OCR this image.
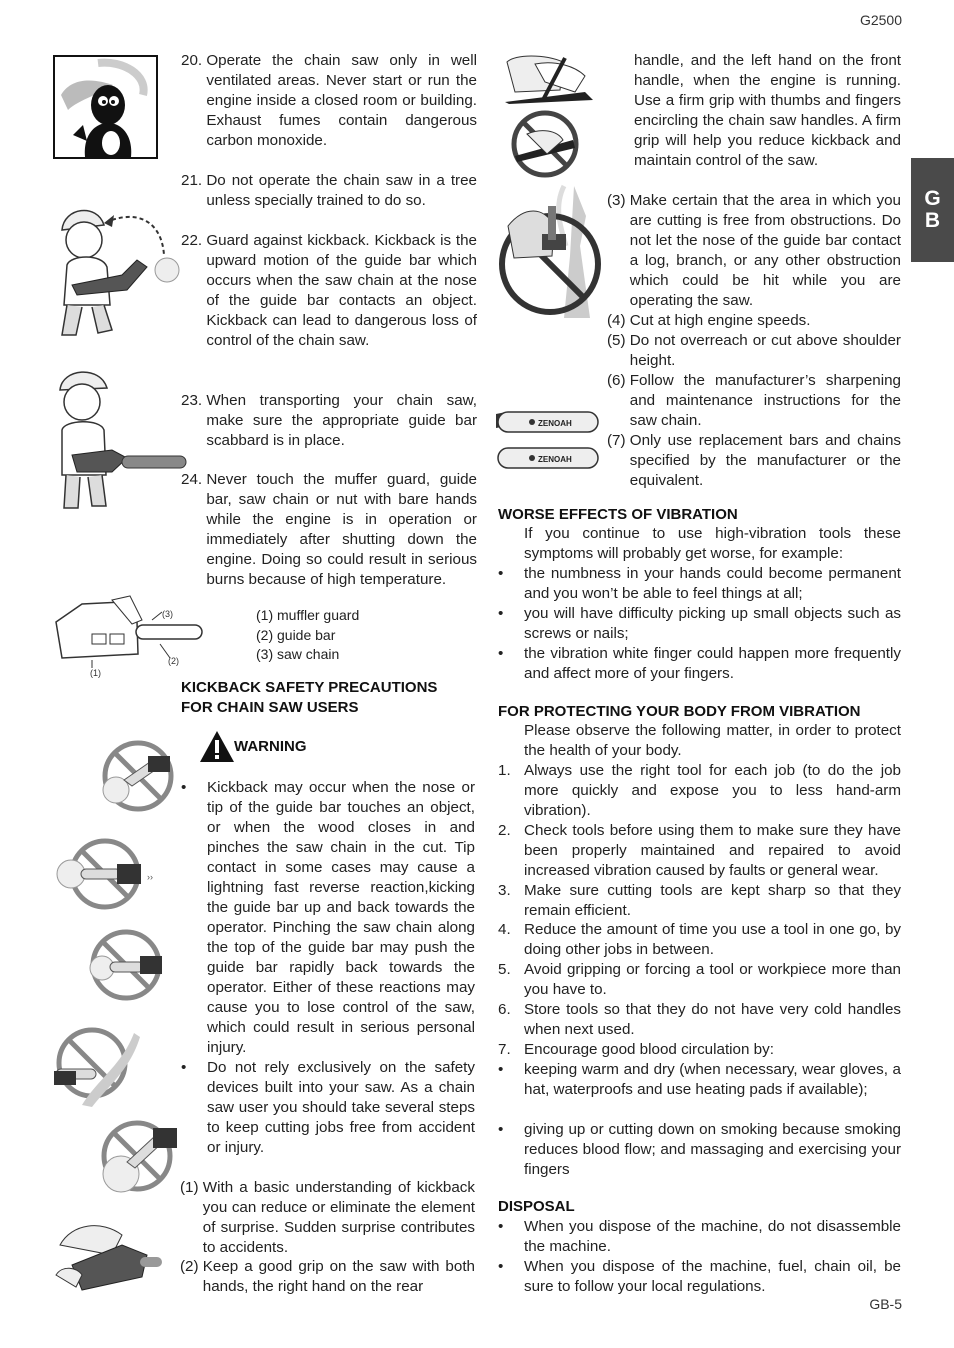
G2500
G
B
GB-5
(3)
(2)
(1)
››
ZENOAH
ZENOAH
20. Operate the chain saw only in well ventilated areas. Never start or run the engine inside a closed room or building. Exhaust fumes contain dangerous carbon monoxide.
21. Do not operate the chain saw in a tree unless specially trained to do so.
22. Guard against kickback. Kickback is the upward motion of the guide bar which occurs when the saw chain at the nose of the guide bar contacts an object. Kickback can lead to dangerous loss of control of the chain saw.
23. When transporting your chain saw, make sure the appropriate guide bar scabbard is in place.
24. Never touch the muffer guard, guide bar, saw chain or nut with bare hands while the engine is in operation or immediately after shutting down the engine. Doing so could result in serious burns because of high temperature.
(1) muffler guard
(2) guide bar
(3) saw chain
KICKBACK SAFETY PRECAUTIONS
FOR CHAIN SAW USERS
WARNING
•	Kickback may occur when the nose or tip of the guide bar touches an object, or when the wood closes in and pinches the saw chain in the cut. Tip contact in some cases may cause a lightning fast reverse reaction,kicking the guide bar up and back towards the operator. Pinching the saw chain along the top of the guide bar may push the guide bar rapidly back towards the operator. Either of these reactions may cause you to lose control of the saw, which could result in serious personal injury.
•	Do not rely exclusively on the safety devices built into your saw. As a chain saw user you should take several steps to keep cutting jobs free from accident or injury.
(1) With a basic understanding of kickback you can reduce or eliminate the element of surprise. Sudden surprise contributes to accidents.
(2) Keep a good grip on the saw with both hands, the right hand on the rear
handle, and the left hand on the front handle, when the engine is running. Use a firm grip with thumbs and fingers encircling the chain saw handles. A firm grip will help you reduce kickback and maintain control of the saw.
(3) Make certain that the area in which you are cutting is free from obstructions. Do not let the nose of the guide bar contact a log, branch, or any other obstruction which could be hit while you are operating the saw.
(4) Cut at high engine speeds.
(5) Do not overreach or cut above shoulder height.
(6) Follow the manufacturer’s sharpening and maintenance instructions for the saw chain.
(7) Only use replacement bars and chains specified by the manufacturer or the equivalent.
WORSE EFFECTS OF VIBRATION
If you continue to use high-vibration tools these symptoms will probably get worse, for example:
•	the numbness in your hands could become permanent and you won’t be able to feel things at all;
•	you will have difficulty picking up small objects such as screws or nails;
•	the vibration white finger could happen more frequently and affect more of your fingers.
FOR PROTECTING YOUR BODY FROM VIBRATION
Please observe the following matter, in order to protect the health of your body.
1. Always use the right tool for each job (to do the job more quickly and expose you to less hand-arm vibration).
2. Check tools before using them to make sure they have been properly maintained and repaired to avoid increased vibration caused by faults or general wear.
3. Make sure cutting tools are kept sharp so that they remain efficient.
4. Reduce the amount of time you use a tool in one go, by doing other jobs in between.
5. Avoid gripping or forcing a tool or workpiece more than you have to.
6. Store tools so that they do not have very cold handles when next used.
7. Encourage good blood circulation by:
•	keeping warm and dry (when necessary, wear gloves, a hat, waterproofs and use heating pads if available);
•	giving up or cutting down on smoking because smoking reduces blood flow; and massaging and exercising your fingers
DISPOSAL
•	When you dispose of the machine, do not disassemble the machine.
•	When you dispose of the machine, fuel, chain oil, be sure to follow your local regulations.
